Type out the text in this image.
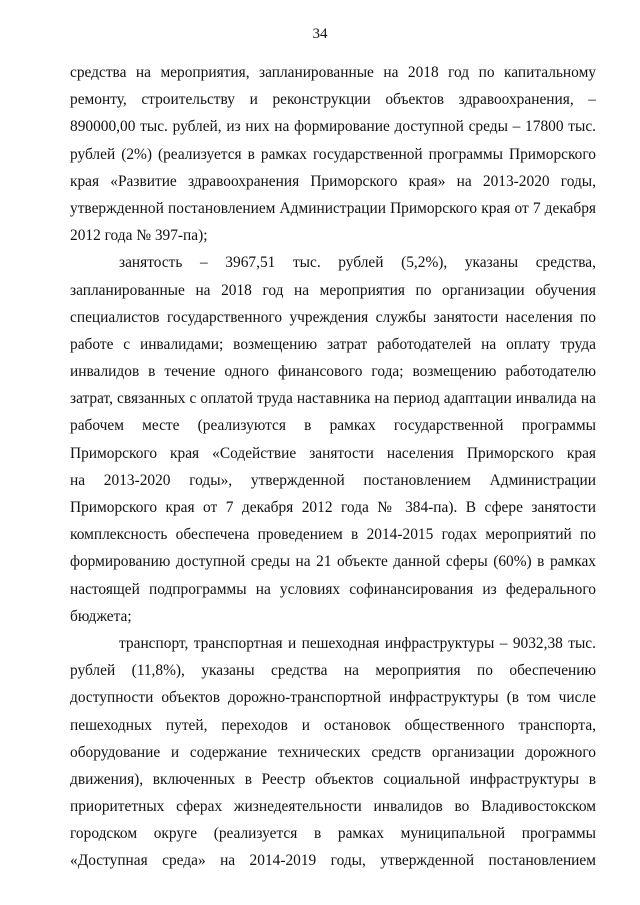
34
средства на мероприятия, запланированные на 2018 год по капитальному
ремонту, строительству и реконструкции объектов здравоохранения, –
890000,00 тыс. рублей, из них на формирование доступной среды – 17800 тыс.
рублей (2%) (реализуется в рамках государственной программы Приморского
края «Развитие здравоохранения Приморского края» на 2013-2020 годы,
утвержденной постановлением Администрации Приморского края от 7 декабря
2012 года № 397-па);
занятость – 3967,51 тыс. рублей (5,2%), указаны средства,
запланированные на 2018 год на мероприятия по организации обучения
специалистов государственного учреждения службы занятости населения по
работе с инвалидами; возмещению затрат работодателей на оплату труда
инвалидов в течение одного финансового года; возмещению работодателю
затрат, связанных с оплатой труда наставника на период адаптации инвалида на
рабочем месте (реализуются в рамках государственной программы
Приморского края «Содействие занятости населения Приморского края
на 2013-2020 годы», утвержденной постановлением Администрации
Приморского края от 7 декабря 2012 года № 384-па). В сфере занятости
комплексность обеспечена проведением в 2014-2015 годах мероприятий по
формированию доступной среды на 21 объекте данной сферы (60%) в рамках
настоящей подпрограммы на условиях софинансирования из федерального
бюджета;
транспорт, транспортная и пешеходная инфраструктуры – 9032,38 тыс.
рублей (11,8%), указаны средства на мероприятия по обеспечению
доступности объектов дорожно-транспортной инфраструктуры (в том числе
пешеходных путей, переходов и остановок общественного транспорта,
оборудование и содержание технических средств организации дорожного
движения), включенных в Реестр объектов социальной инфраструктуры в
приоритетных сферах жизнедеятельности инвалидов во Владивостокском
городском округе (реализуется в рамках муниципальной программы
«Доступная среда» на 2014-2019 годы, утвержденной постановлением
